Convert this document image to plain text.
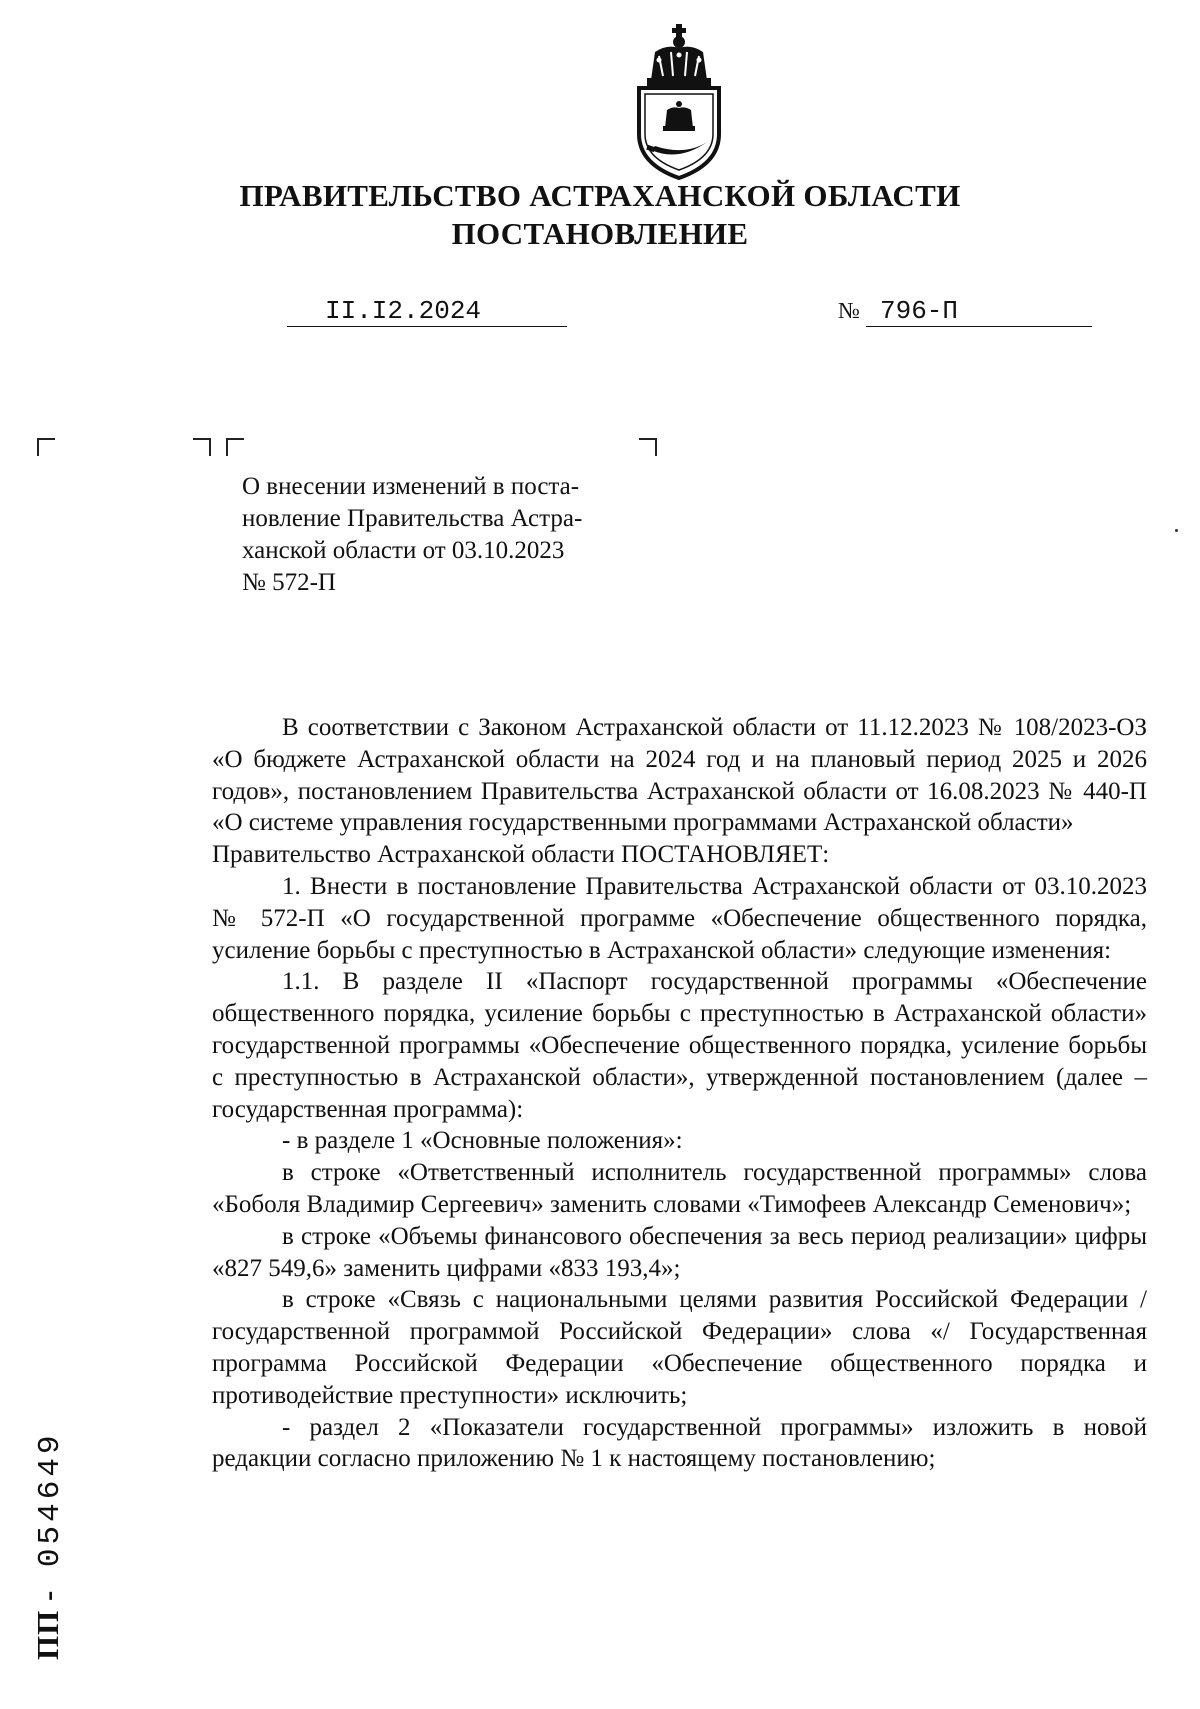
ПРАВИТЕЛЬСТВО АСТРАХАНСКОЙ ОБЛАСТИ
ПОСТАНОВЛЕНИЕ
II.I2.2024	№ 796-П

О внесении изменений в поста-

новление Правительства Астра-

ханской области от 03.10.2023

№ 572-П

В соответствии с Законом Астраханской области от 11.12.2023 № 108/2023-ОЗ «О бюджете Астраханской области на 2024 год и на плановый период 2025 и 2026 годов», постановлением Правительства Астраханской области от 16.08.2023 № 440-П «О системе управления государственными программами Астраханской области»

Правительство Астраханской области ПОСТАНОВЛЯЕТ:

1. Внести в постановление Правительства Астраханской области от 03.10.2023 № 572-П «О государственной программе «Обеспечение общественного порядка, усиление борьбы с преступностью в Астраханской области» следующие изменения:

1.1. В разделе II «Паспорт государственной программы «Обеспечение общественного порядка, усиление борьбы с преступностью в Астраханской области» государственной программы «Обеспечение общественного порядка, усиление борьбы с преступностью в Астраханской области», утвержденной постановлением (далее – государственная программа):

- в разделе 1 «Основные положения»:

в строке «Ответственный исполнитель государственной программы» слова «Боболя Владимир Сергеевич» заменить словами «Тимофеев Александр Семенович»;

в строке «Объемы финансового обеспечения за весь период реализации» цифры «827 549,6» заменить цифрами «833 193,4»;

в строке «Связь с национальными целями развития Российской Федерации / государственной программой Российской Федерации» слова «/ Государственная программа Российской Федерации «Обеспечение общественного порядка и противодействие преступности» исключить;

- раздел 2 «Показатели государственной программы» изложить в новой редакции согласно приложению № 1 к настоящему постановлению;

ПП - 054649
